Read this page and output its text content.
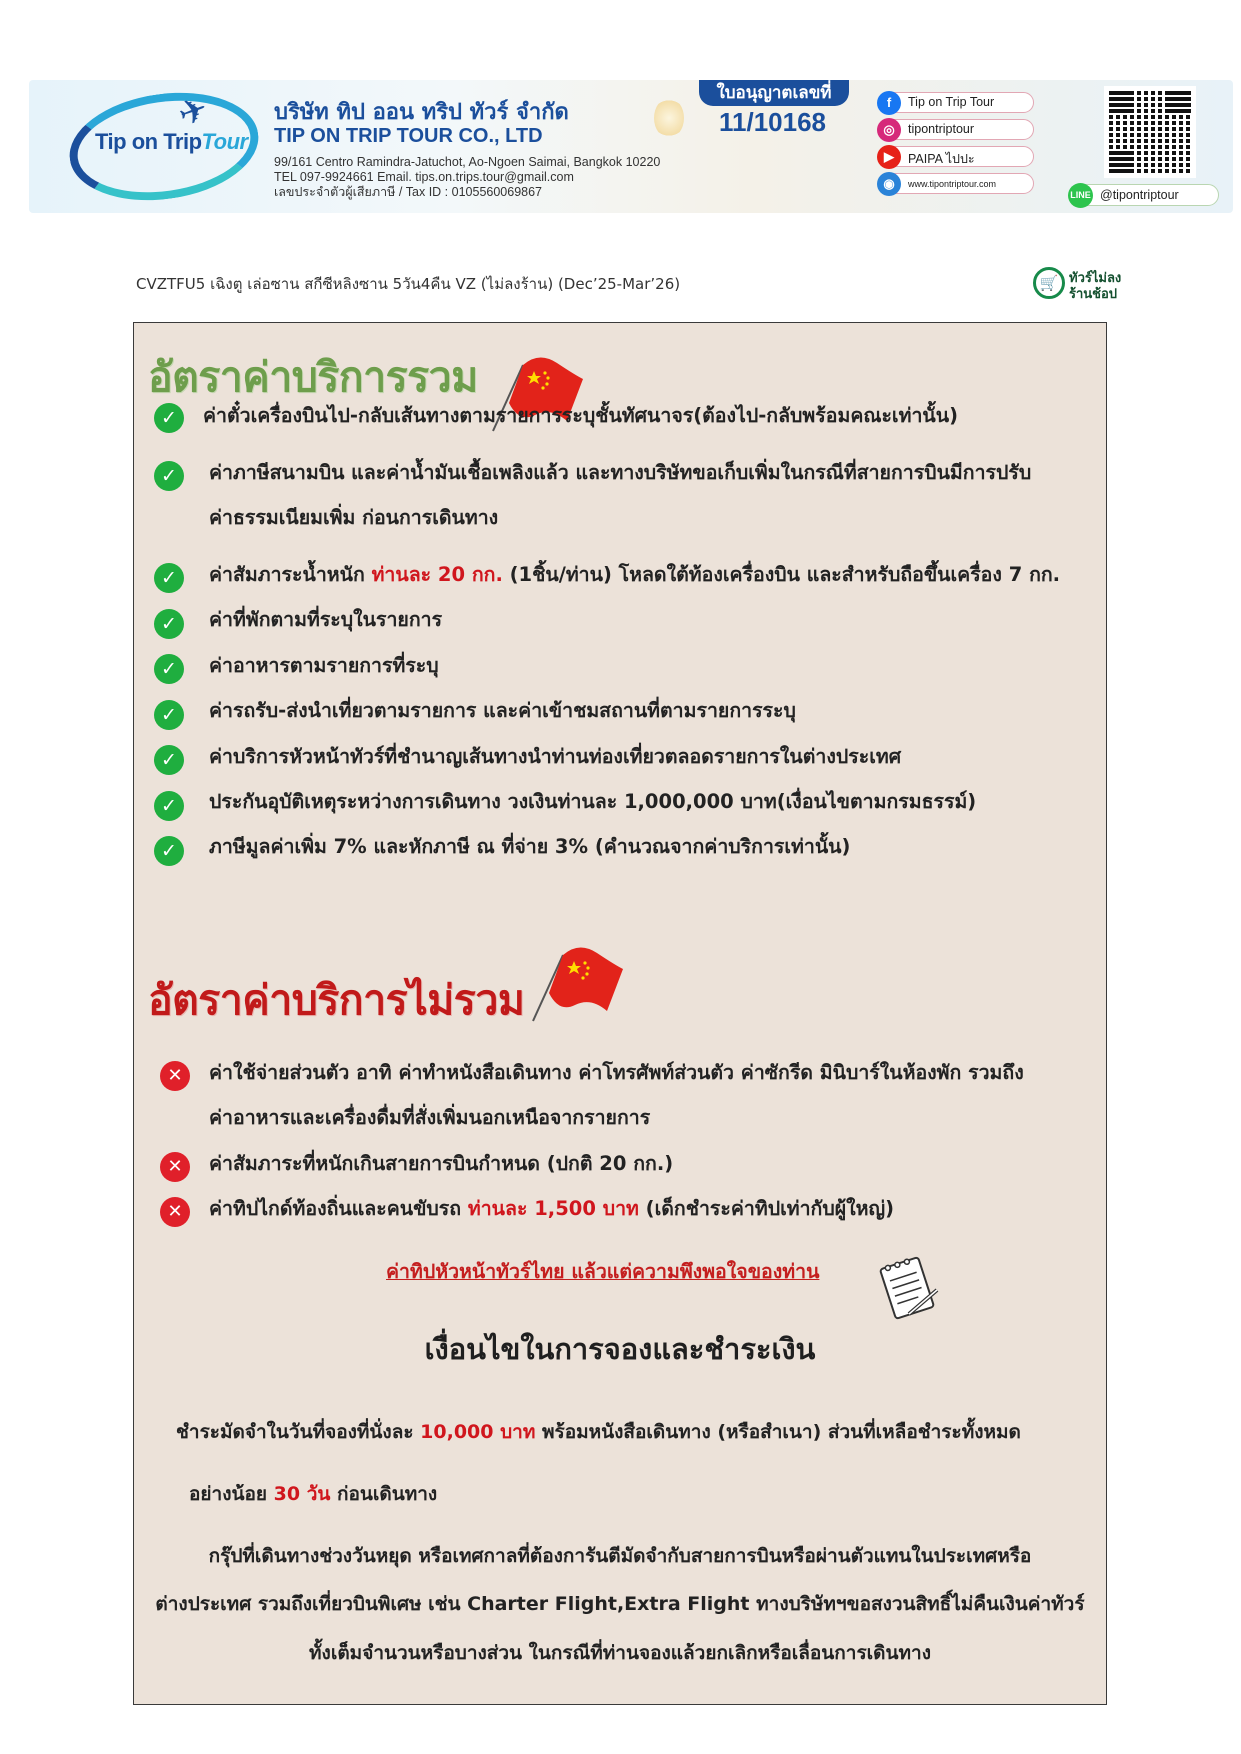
✈
Tip on TripTour
บริษัท ทิป ออน ทริป ทัวร์ จำกัด
TIP ON TRIP TOUR CO., LTD
99/161 Centro Ramindra-Jatuchot, Ao-Ngoen Saimai, Bangkok 10220
TEL 097-9924661 Email. tips.on.trips.tour@gmail.com
เลขประจำตัวผู้เสียภาษี / Tax ID : 0105560069867
ใบอนุญาตเลขที่
11/10168
f	Tip on Trip Tour
◎	tipontriptour
▶	PAIPA ไปปะ
◉	www.tipontriptour.com
LINE @tipontriptour
CVZTFU5 เฉิงตู เล่อซาน สกีซีหลิงซาน 5วัน4คืน VZ (ไม่ลงร้าน) (Dec’25-Mar’26)	🛒 ทัวร์ไม่ลง
ร้านช้อป
อัตราค่าบริการรวม
✓	ค่าตั๋วเครื่องบินไป-กลับเส้นทางตามรายการระบุชั้นทัศนาจร(ต้องไป-กลับพร้อมคณะเท่านั้น)
✓	ค่าภาษีสนามบิน และค่าน้ำมันเชื้อเพลิงแล้ว และทางบริษัทขอเก็บเพิ่มในกรณีที่สายการบินมีการปรับ
ค่าธรรมเนียมเพิ่ม ก่อนการเดินทาง
✓	ค่าสัมภาระน้ำหนัก ท่านละ 20 กก. (1ชิ้น/ท่าน) โหลดใต้ท้องเครื่องบิน และสำหรับถือขึ้นเครื่อง 7 กก.
✓	ค่าที่พักตามที่ระบุในรายการ
✓	ค่าอาหารตามรายการที่ระบุ
✓	ค่ารถรับ-ส่งนำเที่ยวตามรายการ และค่าเข้าชมสถานที่ตามรายการระบุ
✓	ค่าบริการหัวหน้าทัวร์ที่ชำนาญเส้นทางนำท่านท่องเที่ยวตลอดรายการในต่างประเทศ
✓	ประกันอุบัติเหตุระหว่างการเดินทาง วงเงินท่านละ 1,000,000 บาท(เงื่อนไขตามกรมธรรม์)
✓	ภาษีมูลค่าเพิ่ม 7% และหักภาษี ณ ที่จ่าย 3% (คำนวณจากค่าบริการเท่านั้น)
อัตราค่าบริการไม่รวม
✕	ค่าใช้จ่ายส่วนตัว อาทิ ค่าทำหนังสือเดินทาง ค่าโทรศัพท์ส่วนตัว ค่าซักรีด มินิบาร์ในห้องพัก รวมถึง
ค่าอาหารและเครื่องดื่มที่สั่งเพิ่มนอกเหนือจากรายการ
✕	ค่าสัมภาระที่หนักเกินสายการบินกำหนด (ปกติ 20 กก.)
✕	ค่าทิปไกด์ท้องถิ่นและคนขับรถ ท่านละ 1,500 บาท (เด็กชำระค่าทิปเท่ากับผู้ใหญ่)
ค่าทิปหัวหน้าทัวร์ไทย แล้วแต่ความพึงพอใจของท่าน
เงื่อนไขในการจองและชำระเงิน
ชำระมัดจำในวันที่จองที่นั่งละ 10,000 บาท พร้อมหนังสือเดินทาง (หรือสำเนา) ส่วนที่เหลือชำระทั้งหมด
อย่างน้อย 30 วัน ก่อนเดินทาง
กรุ๊ปที่เดินทางช่วงวันหยุด หรือเทศกาลที่ต้องการันตีมัดจำกับสายการบินหรือผ่านตัวแทนในประเทศหรือ
ต่างประเทศ รวมถึงเที่ยวบินพิเศษ เช่น Charter Flight,Extra Flight ทางบริษัทฯขอสงวนสิทธิ์ไม่คืนเงินค่าทัวร์
ทั้งเต็มจำนวนหรือบางส่วน ในกรณีที่ท่านจองแล้วยกเลิกหรือเลื่อนการเดินทาง
